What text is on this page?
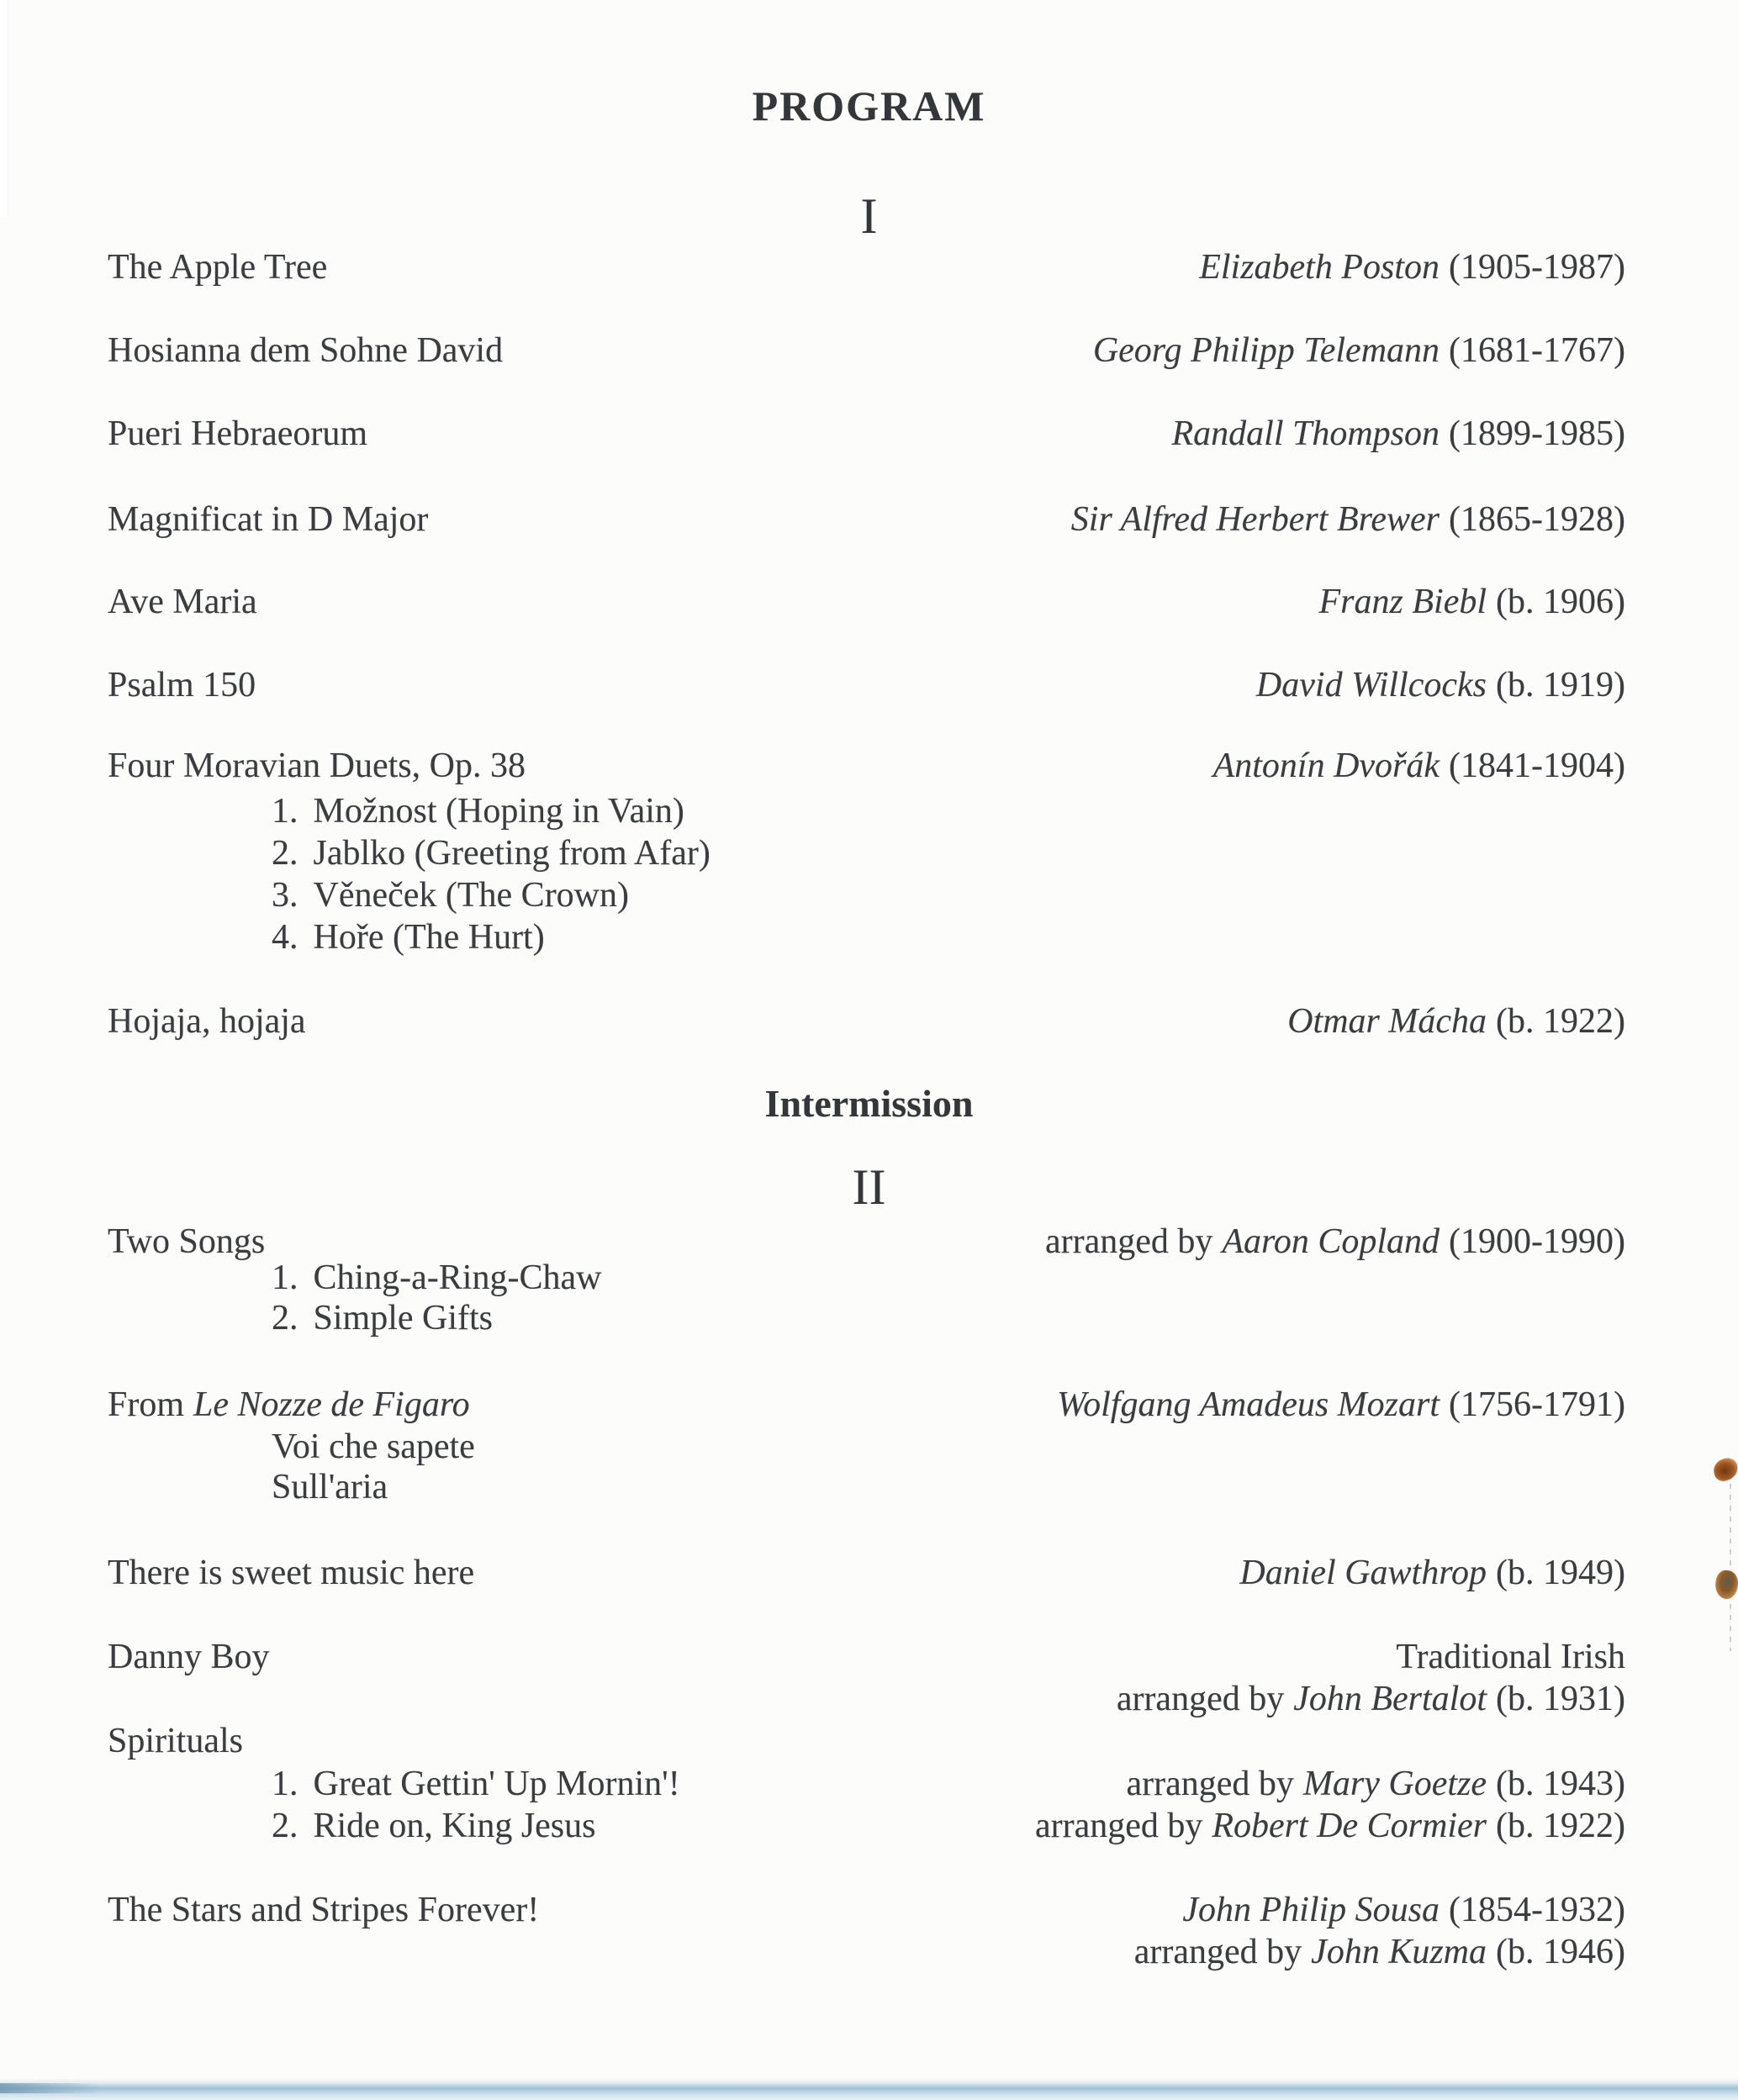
PROGRAM
I
The Apple Tree	Elizabeth Poston (1905-1987)
Hosianna dem Sohne David	Georg Philipp Telemann (1681-1767)
Pueri Hebraeorum	Randall Thompson (1899-1985)
Magnificat in D Major	Sir Alfred Herbert Brewer (1865-1928)
Ave Maria	Franz Biebl (b. 1906)
Psalm 150	David Willcocks (b. 1919)
Four Moravian Duets, Op. 38	Antonín Dvořák (1841-1904)
1. Možnost (Hoping in Vain)
2. Jablko (Greeting from Afar)
3. Věneček (The Crown)
4. Hoře (The Hurt)
Hojaja, hojaja	Otmar Mácha (b. 1922)
Intermission
II
Two Songs	arranged by Aaron Copland (1900-1990)
1. Ching-a-Ring-Chaw
2. Simple Gifts
From Le Nozze de Figaro	Wolfgang Amadeus Mozart (1756-1791)
Voi che sapete
Sull'aria
There is sweet music here	Daniel Gawthrop (b. 1949)
Danny Boy	Traditional Irish
arranged by John Bertalot (b. 1931)
Spirituals
1. Great Gettin' Up Mornin'!	arranged by Mary Goetze (b. 1943)
2. Ride on, King Jesus	arranged by Robert De Cormier (b. 1922)
The Stars and Stripes Forever!	John Philip Sousa (1854-1932)
arranged by John Kuzma (b. 1946)
